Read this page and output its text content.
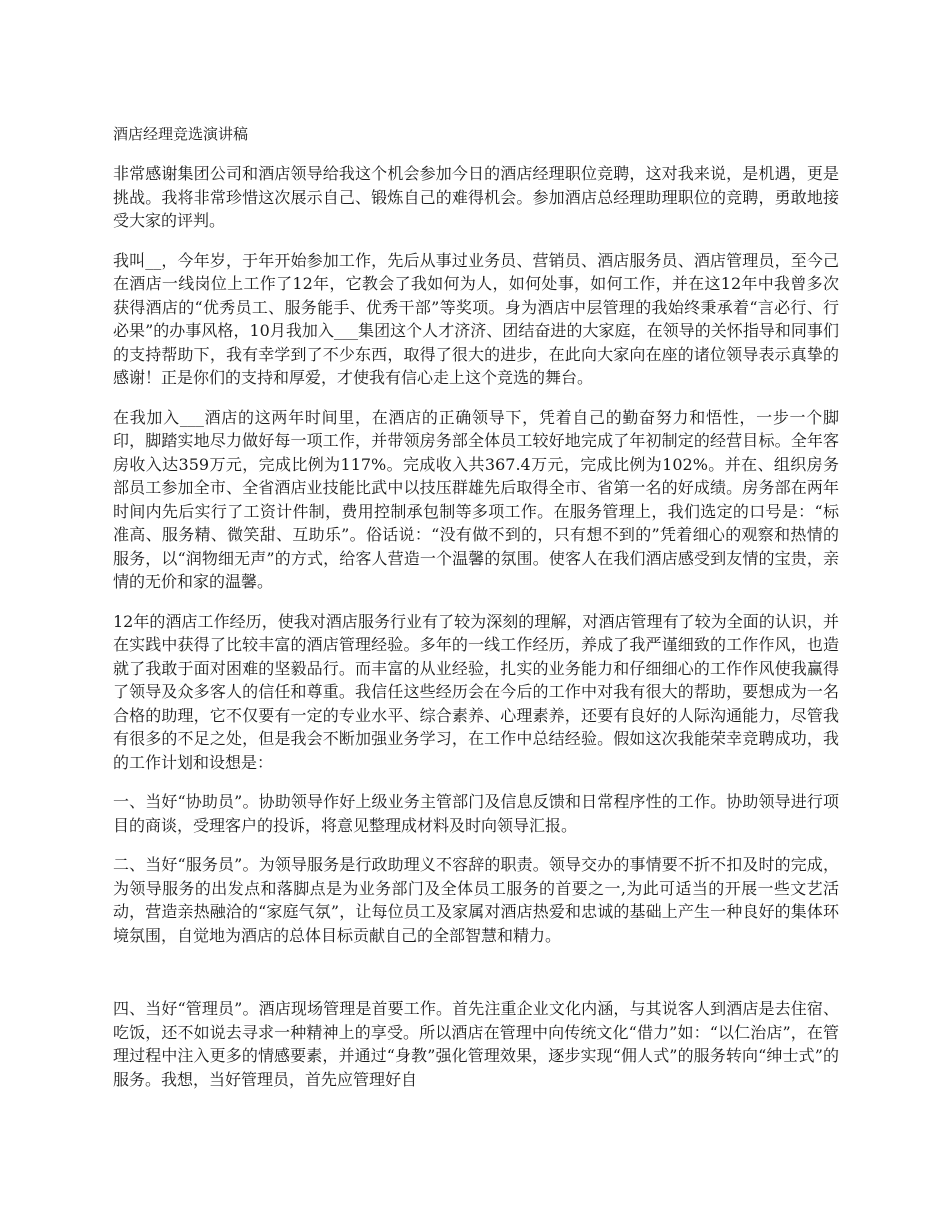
酒店经理竞选演讲稿

非常感谢集团公司和酒店领导给我这个机会参加今日的酒店经理职位竞聘，这对我来说，是机遇，更是挑战。我将非常珍惜这次展示自己、锻炼自己的难得机会。参加酒店总经理助理职位的竞聘，勇敢地接受大家的评判。

我叫__，今年岁，于年开始参加工作，先后从事过业务员、营销员、酒店服务员、酒店管理员，至今己在酒店一线岗位上工作了12年，它教会了我如何为人，如何处事，如何工作，并在这12年中我曾多次获得酒店的“优秀员工、服务能手、优秀干部”等奖项。身为酒店中层管理的我始终秉承着“言必行、行必果”的办事风格，10月我加入___集团这个人才济济、团结奋进的大家庭，在领导的关怀指导和同事们的支持帮助下，我有幸学到了不少东西，取得了很大的进步，在此向大家向在座的诸位领导表示真挚的感谢！正是你们的支持和厚爱，才使我有信心走上这个竞选的舞台。

在我加入___酒店的这两年时间里，在酒店的正确领导下，凭着自己的勤奋努力和悟性，一步一个脚印，脚踏实地尽力做好每一项工作，并带领房务部全体员工较好地完成了年初制定的经营目标。全年客房收入达359万元，完成比例为117%。完成收入共367.4万元，完成比例为102%。并在、组织房务部员工参加全市、全省酒店业技能比武中以技压群雄先后取得全市、省第一名的好成绩。房务部在两年时间内先后实行了工资计件制，费用控制承包制等多项工作。在服务管理上，我们选定的口号是：“标准高、服务精、微笑甜、互助乐”。俗话说：“没有做不到的，只有想不到的”凭着细心的观察和热情的服务，以“润物细无声”的方式，给客人营造一个温馨的氛围。使客人在我们酒店感受到友情的宝贵，亲情的无价和家的温馨。

12年的酒店工作经历，使我对酒店服务行业有了较为深刻的理解，对酒店管理有了较为全面的认识，并在实践中获得了比较丰富的酒店管理经验。多年的一线工作经历，养成了我严谨细致的工作作风，也造就了我敢于面对困难的坚毅品行。而丰富的从业经验，扎实的业务能力和仔细细心的工作作风使我赢得了领导及众多客人的信任和尊重。我信任这些经历会在今后的工作中对我有很大的帮助，要想成为一名合格的助理，它不仅要有一定的专业水平、综合素养、心理素养，还要有良好的人际沟通能力，尽管我有很多的不足之处，但是我会不断加强业务学习，在工作中总结经验。假如这次我能荣幸竞聘成功，我的工作计划和设想是：

一、当好“协助员”。协助领导作好上级业务主管部门及信息反馈和日常程序性的工作。协助领导进行项目的商谈，受理客户的投诉，将意见整理成材料及时向领导汇报。

二、当好“服务员”。为领导服务是行政助理义不容辞的职责。领导交办的事情要不折不扣及时的完成，为领导服务的出发点和落脚点是为业务部门及全体员工服务的首要之一,为此可适当的开展一些文艺活动，营造亲热融洽的“家庭气氛”，让每位员工及家属对酒店热爱和忠诚的基础上产生一种良好的集体环境氛围，自觉地为酒店的总体目标贡献自己的全部智慧和精力。

四、当好“管理员”。酒店现场管理是首要工作。首先注重企业文化内涵，与其说客人到酒店是去住宿、吃饭，还不如说去寻求一种精神上的享受。所以酒店在管理中向传统文化“借力”如：“以仁治店”，在管理过程中注入更多的情感要素，并通过“身教”强化管理效果，逐步实现“佣人式”的服务转向“绅士式”的服务。我想，当好管理员，首先应管理好自
